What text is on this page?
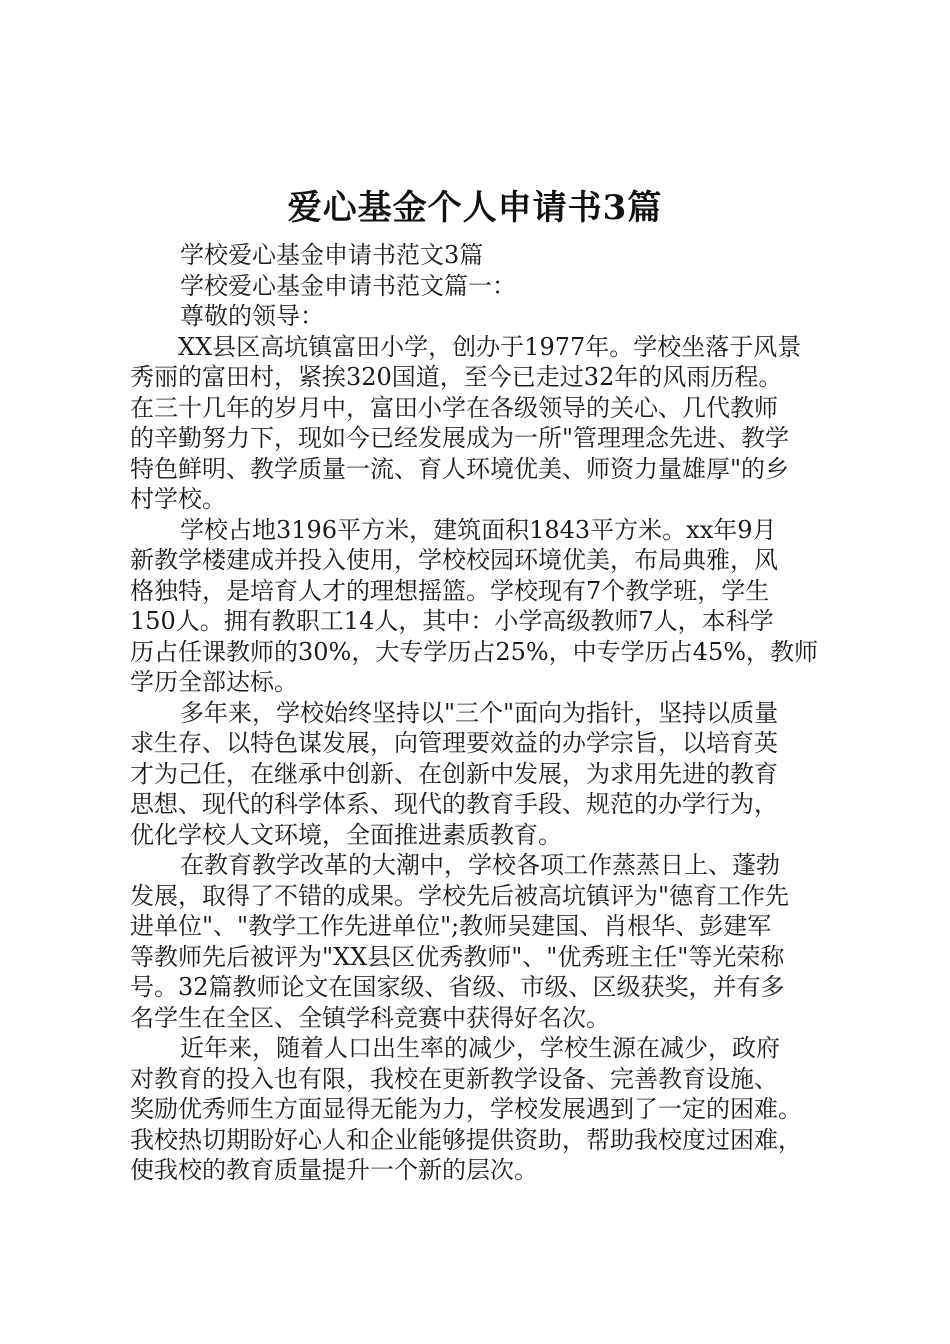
爱心基金个人申请书3篇
学校爱心基金申请书范文3篇
学校爱心基金申请书范文篇一：
尊敬的领导：
XX县区高坑镇富田小学，创办于1977年。学校坐落于风景
秀丽的富田村，紧挨320国道，至今已走过32年的风雨历程。
在三十几年的岁月中，富田小学在各级领导的关心、几代教师
的辛勤努力下，现如今已经发展成为一所"管理理念先进、教学
特色鲜明、教学质量一流、育人环境优美、师资力量雄厚"的乡
村学校。
学校占地3196平方米，建筑面积1843平方米。xx年9月
新教学楼建成并投入使用，学校校园环境优美，布局典雅，风
格独特，是培育人才的理想摇篮。学校现有7个教学班，学生
150人。拥有教职工14人，其中：小学高级教师7人，本科学
历占任课教师的30%，大专学历占25%，中专学历占45%，教师
学历全部达标。
多年来，学校始终坚持以"三个"面向为指针，坚持以质量
求生存、以特色谋发展，向管理要效益的办学宗旨，以培育英
才为己任，在继承中创新、在创新中发展，为求用先进的教育
思想、现代的科学体系、现代的教育手段、规范的办学行为，
优化学校人文环境，全面推进素质教育。
在教育教学改革的大潮中，学校各项工作蒸蒸日上、蓬勃
发展，取得了不错的成果。学校先后被高坑镇评为"德育工作先
进单位"、"教学工作先进单位";教师吴建国、肖根华、彭建军
等教师先后被评为"XX县区优秀教师"、"优秀班主任"等光荣称
号。32篇教师论文在国家级、省级、市级、区级获奖，并有多
名学生在全区、全镇学科竞赛中获得好名次。
近年来，随着人口出生率的减少，学校生源在减少，政府
对教育的投入也有限，我校在更新教学设备、完善教育设施、
奖励优秀师生方面显得无能为力，学校发展遇到了一定的困难。
我校热切期盼好心人和企业能够提供资助，帮助我校度过困难，
使我校的教育质量提升一个新的层次。
